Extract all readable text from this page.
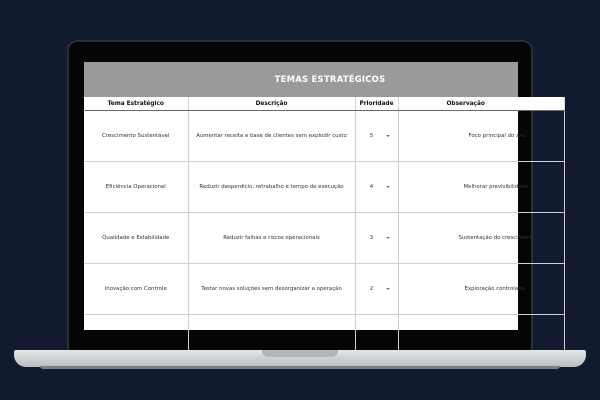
TEMAS ESTRATÉGICOS
Tema Estratégico	Descrição	Prioridade	Observação
Crescimento Sustentável	Aumentar receita e base de clientes sem explodir custo	5	Foco principal do ano
Eficiência Operacional	Reduzir desperdício, retrabalho e tempo de execução	4	Melhorar previsibilidade
Qualidade e Estabilidade	Reduzir falhas e riscos operacionais	3	Sustentação do crescimento
Inovação com Controle	Testar novas soluções sem desorganizar a operação	2	Exploração controlada
